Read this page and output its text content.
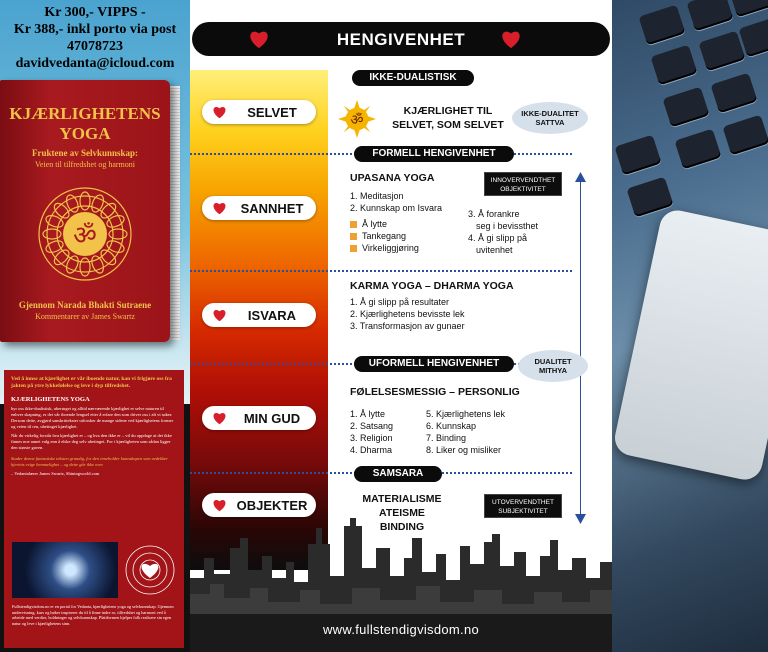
Kr 300,- VIPPS -
Kr 388,- inkl porto via post
47078723
davidvedanta@icloud.com
KJÆRLIGHETENS
YOGA
Fruktene av Selvkunnskap:
Veien til tilfredshet og harmoni
ॐ
Gjennom Narada Bhakti Sutraene
Kommentarer av James Swartz
Ved å innse at kjærlighet er vår iboende natur, kan vi frigjøre oss fra jakten på ytre lykkefølelse og leve i dyp tilfredshet.
KJÆRLIGHETENS YOGA
byr oss ikke-dualistisk, uberørget og alltid nærværende kjærlighet er selve naturen til enhver skapning, er det vår iboende lengsel etter å erfare den som driver oss i alt vi søker. Dersom dette, avgjørd sanskrittekster utforsker de mange sidene ved kjærlighetens former og veien til ren, ubetinget kjærlighet.
Når du virkelig forstår hva kjærlighet er – og hva den ikke er – vil du oppdage at det ikke finnes noe annet valg enn å elske deg selv ubetinget. For i kjærligheten som sådan ligger den største gaven.
Studer denne fantastiske teksten grundig, for den inneholder kunnskapen som avdekker hjertets evige hemmelighet – og dette går ikke over.
– Vedantalærer James Swartz, Shiningworld.com
Fullstendigvisdom.no er en portal for Vedanta, kjærlighetens yoga og selvkunnskap. Gjennom undervisning, kurs og bøker inspirerer du til å finne indre ro, tilfredshet og harmoni ved å arbeide med verdier, holdninger og selvkunnskap. Plattformen hjelper folk realisere sin egen natur og leve i kjærlighetens sinn.
HENGIVENHET
SELVET
SANNHET
ISVARA
MIN GUD
OBJEKTER
IKKE-DUALISTISK
ॐ
KJÆRLIGHET TIL
SELVET, SOM SELVET
IKKE-DUALITET
SATTVA
FORMELL HENGIVENHET
UPASANA YOGA	INNOVERVENDTHET
OBJEKTIVITET
1. Meditasjon
2. Kunnskap om Isvara
Å lytte
Tankegang
Virkeliggjøring
3. Å forankre
seg i bevissthet
4. Å gi slipp på
uvitenhet
KARMA YOGA – DHARMA YOGA
1. Å gi slipp på resultater
2. Kjærlighetens bevisste lek
3. Transformasjon av gunaer
UFORMELL HENGIVENHET	DUALITET
MITHYA
FØLELSESMESSIG – PERSONLIG
1. Å lytte
2. Satsang
3. Religion
4. Dharma
5. Kjærlighetens lek
6. Kunnskap
7. Binding
8. Liker og misliker
SAMSARA
MATERIALISME
ATEISME
BINDING
UTOVERVENDTHET
SUBJEKTIVITET
www.fullstendigvisdom.no
